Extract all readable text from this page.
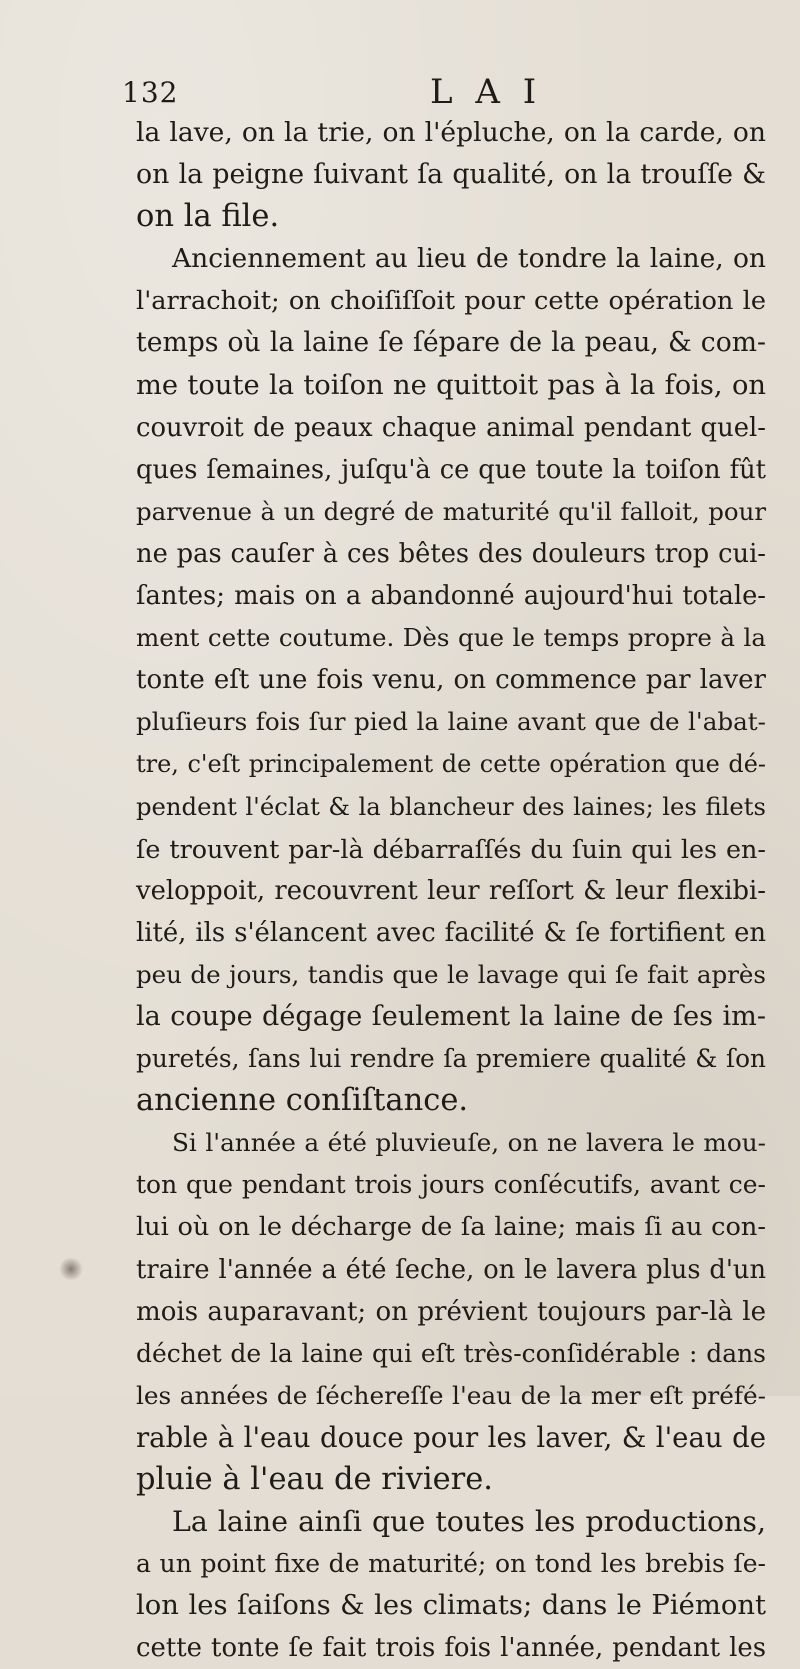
132	L A I
la lave, on la trie, on l'épluche, on la carde, on
on la peigne ſuivant ſa qualité, on la trouſſe &
on la file.
Anciennement au lieu de tondre la laine, on
l'arrachoit; on choiſiſſoit pour cette opération le
temps où la laine ſe ſépare de la peau, & com-
me toute la toiſon ne quittoit pas à la fois, on
couvroit de peaux chaque animal pendant quel-
ques ſemaines, juſqu'à ce que toute la toiſon fût
parvenue à un degré de maturité qu'il falloit, pour
ne pas cauſer à ces bêtes des douleurs trop cui-
ſantes; mais on a abandonné aujourd'hui totale-
ment cette coutume. Dès que le temps propre à la
tonte eſt une fois venu, on commence par laver
pluſieurs fois ſur pied la laine avant que de l'abat-
tre, c'eſt principalement de cette opération que dé-
pendent l'éclat & la blancheur des laines; les filets
ſe trouvent par-là débarraſſés du ſuin qui les en-
veloppoit, recouvrent leur reſſort & leur flexibi-
lité, ils s'élancent avec facilité & ſe fortifient en
peu de jours, tandis que le lavage qui ſe fait après
la coupe dégage ſeulement la laine de ſes im-
puretés, ſans lui rendre ſa premiere qualité & ſon
ancienne conſiſtance.
Si l'année a été pluvieuſe, on ne lavera le mou-
ton que pendant trois jours conſécutifs, avant ce-
lui où on le décharge de ſa laine; mais ſi au con-
traire l'année a été ſeche, on le lavera plus d'un
mois auparavant; on prévient toujours par-là le
déchet de la laine qui eſt très-conſidérable : dans
les années de ſéchereſſe l'eau de la mer eſt préfé-
rable à l'eau douce pour les laver, & l'eau de
pluie à l'eau de riviere.
La laine ainſi que toutes les productions,
a un point fixe de maturité; on tond les brebis ſe-
lon les ſaiſons & les climats; dans le Piémont
cette tonte ſe fait trois fois l'année, pendant les
